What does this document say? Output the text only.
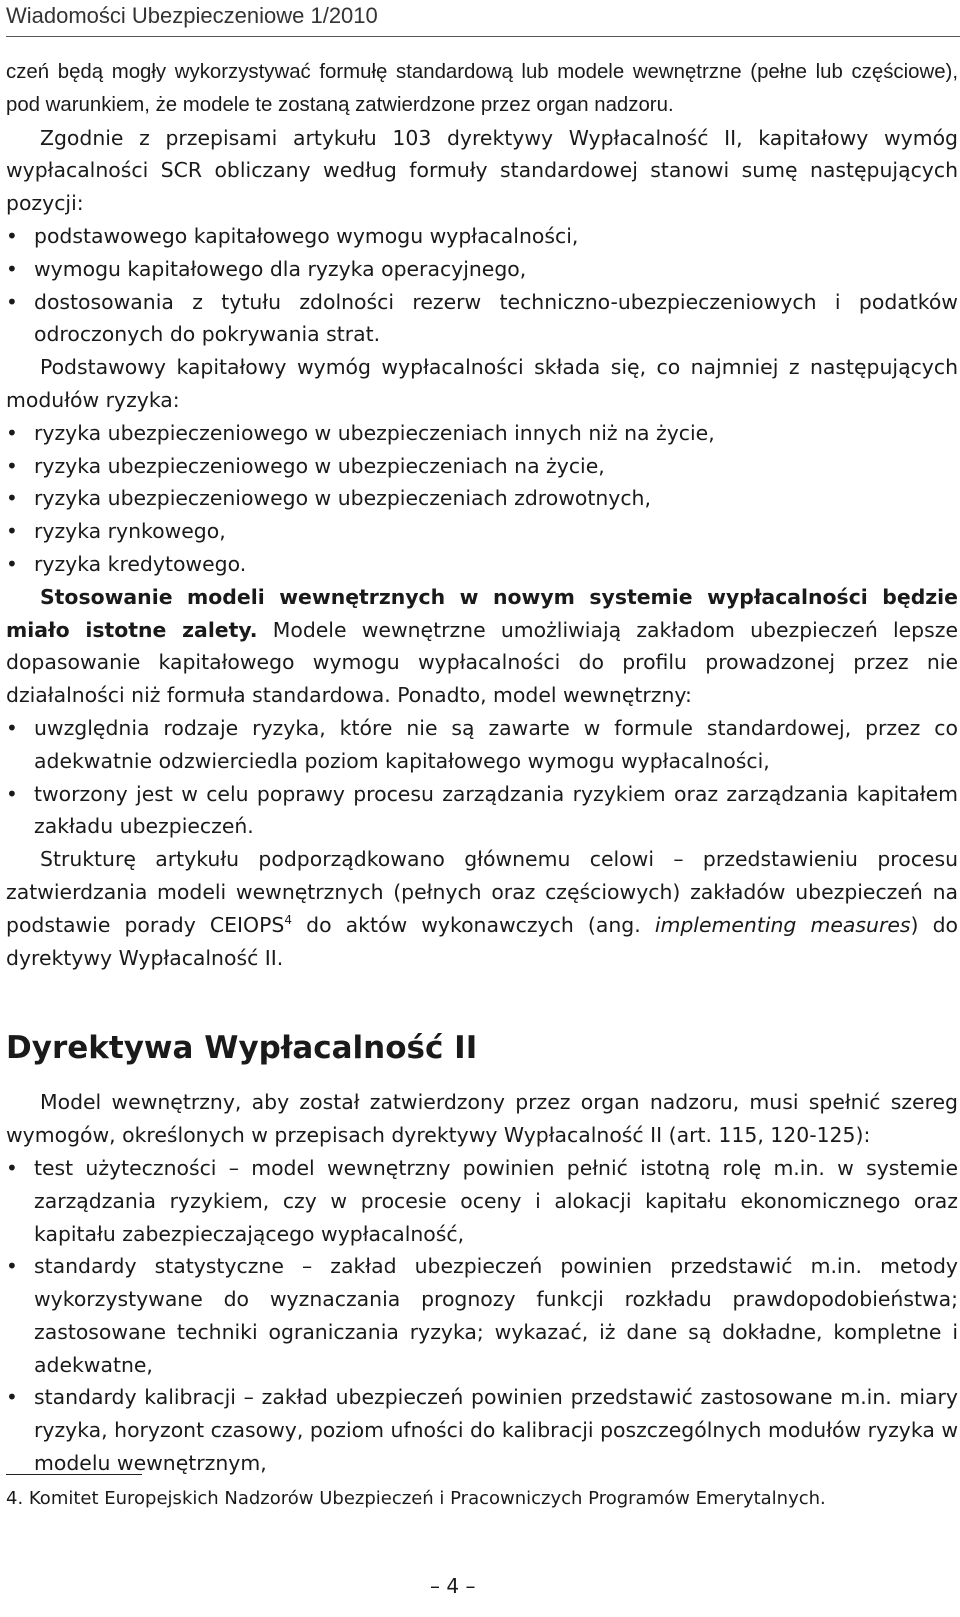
Wiadomości Ubezpieczeniowe 1/2010

czeń będą mogły wykorzystywać formułę standardową lub modele wewnętrzne (pełne lub częściowe), pod warunkiem, że modele te zostaną zatwierdzone przez organ nadzoru.

Zgodnie z przepisami artykułu 103 dyrektywy Wypłacalność II, kapitałowy wymóg wypłacalności SCR obliczany według formuły standardowej stanowi sumę następujących pozycji:

• podstawowego kapitałowego wymogu wypłacalności,
• wymogu kapitałowego dla ryzyka operacyjnego,
• dostosowania z tytułu zdolności rezerw techniczno-ubezpieczeniowych i podatków odroczonych do pokrywania strat.

Podstawowy kapitałowy wymóg wypłacalności składa się, co najmniej z następujących modułów ryzyka:

• ryzyka ubezpieczeniowego w ubezpieczeniach innych niż na życie,
• ryzyka ubezpieczeniowego w ubezpieczeniach na życie,
• ryzyka ubezpieczeniowego w ubezpieczeniach zdrowotnych,
• ryzyka rynkowego,
• ryzyka kredytowego.

Stosowanie modeli wewnętrznych w nowym systemie wypłacalności będzie miało istotne zalety. Modele wewnętrzne umożliwiają zakładom ubezpieczeń lepsze dopasowanie kapitałowego wymogu wypłacalności do profilu prowadzonej przez nie działalności niż formuła standardowa. Ponadto, model wewnętrzny:

• uwzględnia rodzaje ryzyka, które nie są zawarte w formule standardowej, przez co adekwatnie odzwierciedla poziom kapitałowego wymogu wypłacalności,
• tworzony jest w celu poprawy procesu zarządzania ryzykiem oraz zarządzania kapitałem zakładu ubezpieczeń.

Strukturę artykułu podporządkowano głównemu celowi – przedstawieniu procesu zatwierdzania modeli wewnętrznych (pełnych oraz częściowych) zakładów ubezpieczeń na podstawie porady CEIOPS$^4$ do aktów wykonawczych (ang. implementing measures) do dyrektywy Wypłacalność II.

Dyrektywa Wypłacalność II

Model wewnętrzny, aby został zatwierdzony przez organ nadzoru, musi spełnić szereg wymogów, określonych w przepisach dyrektywy Wypłacalność II (art. 115, 120-125):

• test użyteczności – model wewnętrzny powinien pełnić istotną rolę m.in. w systemie zarządzania ryzykiem, czy w procesie oceny i alokacji kapitału ekonomicznego oraz kapitału zabezpieczającego wypłacalność,
• standardy statystyczne – zakład ubezpieczeń powinien przedstawić m.in. metody wykorzystywane do wyznaczania prognozy funkcji rozkładu prawdopodobieństwa; zastosowane techniki ograniczania ryzyka; wykazać, iż dane są dokładne, kompletne i adekwatne,
• standardy kalibracji – zakład ubezpieczeń powinien przedstawić zastosowane m.in. miary ryzyka, horyzont czasowy, poziom ufności do kalibracji poszczególnych modułów ryzyka w modelu wewnętrznym,
4. Komitet Europejskich Nadzorów Ubezpieczeń i Pracowniczych Programów Emerytalnych.
– 4 –
